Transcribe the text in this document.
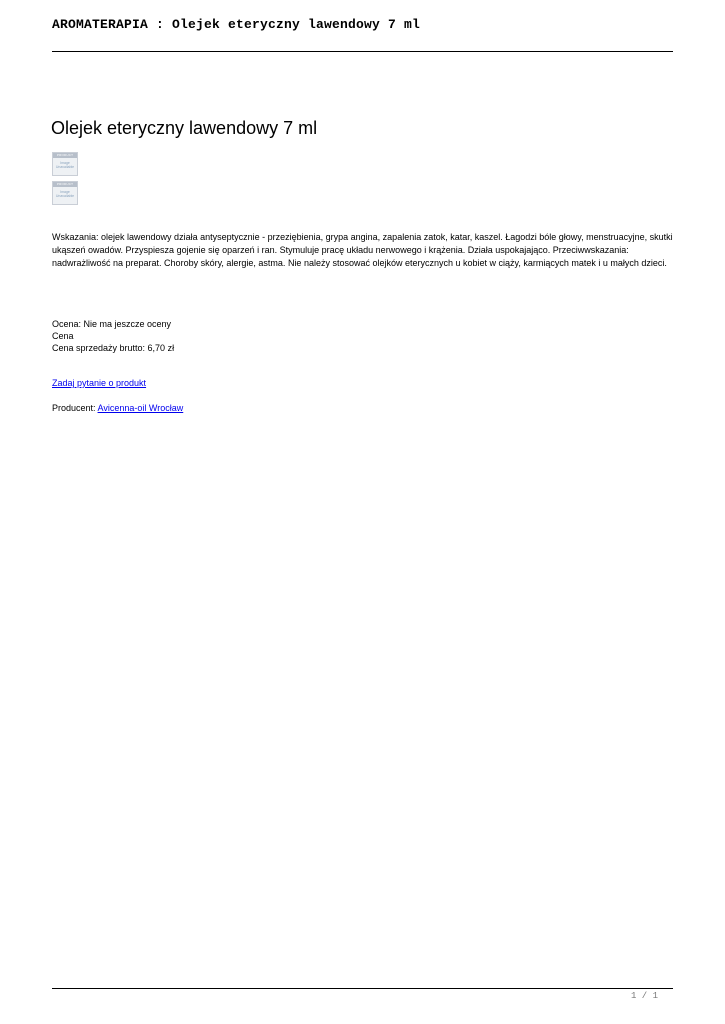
AROMATERAPIA : Olejek eteryczny lawendowy 7 ml
Olejek eteryczny lawendowy 7 ml
PRODUCT
Image Unavailable
PRODUCT
Image Unavailable

Wskazania: olejek lawendowy działa antyseptycznie - przeziębienia, grypa angina, zapalenia zatok, katar, kaszel. Łagodzi bóle głowy, menstruacyjne, skutki ukąszeń owadów. Przyspiesza gojenie się oparzeń i ran. Stymuluje pracę układu nerwowego i krążenia. Działa uspokajająco. Przeciwwskazania: nadwrażliwość na preparat. Choroby skóry, alergie, astma. Nie należy stosować olejków eterycznych u kobiet w ciąży, karmiących matek i u małych dzieci.

Ocena: Nie ma jeszcze oceny
Cena
Cena sprzedaży brutto: 6,70 zł
Zadaj pytanie o produkt
Producent: Avicenna-oil Wrocław
1 / 1
